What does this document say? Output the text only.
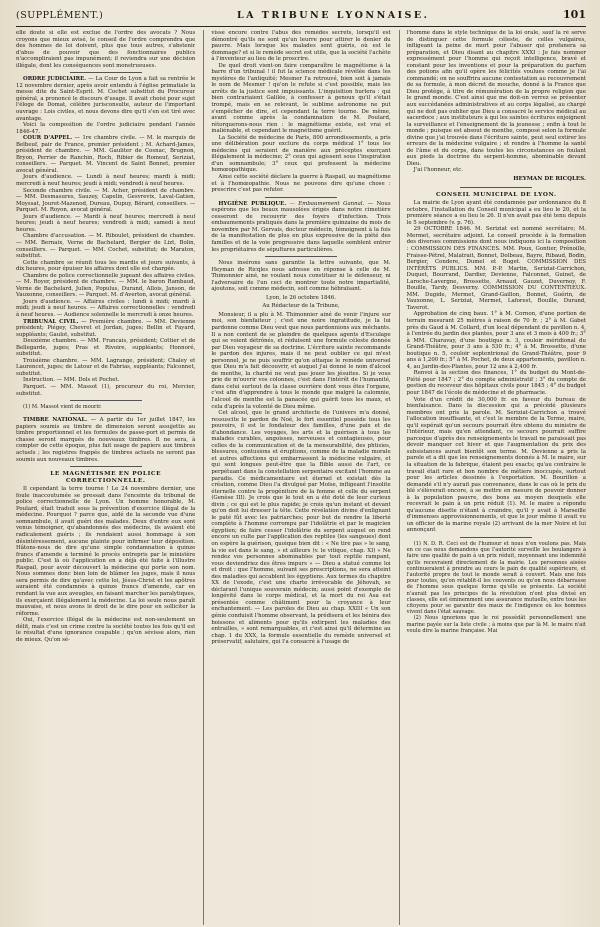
(SUPPLÉMENT.)	LA TRIBUNE LYONNAISE.	101

elle doute si elle est exclue de l'ordre des avocats ? Nous croyons que mieux avisé, le conseil de l'ordre comprendra que des hommes de loi doivent, plus que tous autres, s'abstenir d'abus de pouvoir que des fonctionnaires publics n'accompliraient pas impunément; il reviendra sur une décision illégale, dont les conséquences sont monstrueuses.

ORDRE JUDICIAIRE. — La Cour de Lyon a fait sa rentrée le 12 novembre dernier, après avoir entendu à l'église primatiale la messe dite du Saint-Esprit. M. Cochet substitut du Procureur général, a prononcé le discours d'usage. Il avait choisi pour sujet l'éloge de Domat, célèbre jurisconsulte, auteur de l'important ouvrage : Lois civiles, et nous devons dire qu'il s'en est tiré avec avantage.

Voici la composition de l'ordre judiciaire pendant l'année 1846-47.

COUR D'APPEL. — 1re chambre civile. — M. le marquis de Belbeuf, pair de France, premier président ; M. Achard-James, président de chambre. — MM. Gauliter de Cosnac, Brugnon, Bryon, Perrier de Ranchin, Roch, Ribier de Romeuf, Seriziat, conseillers. — Parquet. M. Vincent de Saint Bonnet, premier avocat général.

Jours d'audience. — Lundi à neuf heures; mardi à midi; mercredi à neuf heures; jeudi à midi; vendredi à neuf heures.

Seconde chambre civile. — M. Acher, président de chambre. — MM. Desmasures, Sauzey, Capelin, Gesvrevix, Laval-Gatien, Moyssat, Jouret-Mazenod, Dureau, Dupuy, Bérard, conseillers. — Parquet. M. Royon, avocat général.

Jours d'audience. — Mardi à neuf heures; mercredi à neuf heures; jeudi à neuf heures; vendredi à midi; samedi à neuf heures.

Chambre d'accusation. — M. Riboulet, président de chambre. — MM. Bernaix, Verne de Bachelard, Bergier de Lizt, Bolin, conseillers. — Parquet. — MM. Cochet, substitut; de Maraton, substitut.

Cette chambre se réunit tous les mardis et jours suivants, à dix heures, pour épuiser les affaires dont elle est chargée.

Chambre de police correctionnelle jugeant des affaires civiles. — M. Royer, président de chambre. — MM. le baron Rambaud, Verne de Bachelard, Julien, Populus, Durand, Allois, Janson, de Vauxonne, conseillers. — Parquet. M. d'Averton, avocat général.

Jours d'audience. — Affaires civiles : lundi à midi; mardi à midi; jeudi à neuf heures. — Affaires correctionnelles : vendredi à neuf heures. — Audience solennelle le mercredi à onze heures.

TRIBUNAL CIVIL. — Première chambre. — MM. Devienne président; Piégey, Chevret et Jordan, juges; Bellin et Fayard, suppléants; Gaulot, substitut.

Deuxième chambre. — MM. Francais, président; Cottier et de Bellegarde, juges; Pras et Rivoire, suppléants; Honnoré, substitut.

Troisième chambre. — MM. Lagrange, président; Chaley et Laurencet, juges; de Latour et de Fabrias, suppléants; Falconnet, substitut.

Instruction. — MM. Dols et Pochet.

Parquet. — MM. Massot (1), procureur du roi, Mercier, substitut.

(1) M. Massot vient de mourir.

TIMBRE NATIONAL. — A partir du 1er juillet 1847, les papiers soumis au timbre de dimension seront assujettis au timbre proportionnel et les formules de passe-port et permis de chasse seront marqués de nouveaux timbres. Il ne sera, à compter de cette époque, plus fait usage de papiers aux timbres actuels ; les registres frappés de timbres actuels ne seront pas soumis aux nouveaux timbres.

LE MAGNÉTISME EN POLICE CORRECTIONNELLE.

Il cependant la terre tourne ! Le 24 novembre dernier, une foule inaccoutumée se pressait dans l'enceinte du tribunal de police correctionnelle de Lyon. Un homme honorable, M. Poulard, était traduit sous la prévention d'exercice illégal de la médecine. Pourquoi ? parce que, aidé de la seconde vue d'une somnambule, il avait guéri des malades. Deux d'entre eux sont venus témoigner, qu'abandonnés des médecins, ils avaient été radicalement guéris ; ils rendaient aussi hommage à son désintéressement, aucune plainte pour infirmer leur déposition. Hâtons-nous de dire qu'une simple condamnation à quinze francs d'amende a terminé le procès entrepris par le ministère public. C'est là où l'application en a déjà été faite à l'illustre Raspail, pour avoir découvert la médecine qui porte son nom. Nous sommes donc bien loin de blâmer les juges, mais il nous sera permis de dire qu'avec cette loi, Jésus-Christ et les apôtres auraient été condamnés à quinze francs d'amende, car en rendant la vue aux aveugles, en faisant marcher les paralytiques, ils exerçaient illégalement la médecine. La loi seule nous paraît mauvaise, et nous avons le droit de le dire pour en solliciter la réforme.

Oui, l'exercice illégal de la médecine est non-seulement un délit, mais c'est un crime contre la société toutes les fois qu'il est le résultat d'une ignorance coupable ; qu'on sévisse alors, rien de mieux. Qu'on sé-

visse encore contre l'abus des remèdes secrets, lorsqu'il est démontré qu'ils ne sont qu'un leurre pour attirer le denier du pauvre. Mais lorsque les malades sont guéris, où est le dommage? et si le remède secret est utile, que la société l'achète à l'inventeur au lieu de le proscrire.

De quel droit vient-on faire comparaître le magnétisme à la barre d'un tribunal ! il fut la science médicale révélée dans les mystères de l'antiquité; Mesmer l'a retrouvé, bien soit à jamais le nom de Mesmer ! qu'on le refute si c'est possible, mais les arrêts de la justice sont impuissants. L'inquisition hurlera : qui bien contrariaient Galilée, à confesser à genoux qu'il s'était trompé, mais en se relevant, le sublime astronome ne put s'empêcher de dire, et cependant la terre tourne. De même, avant comme après la condamnation de M. Poulard, rétorquerons-nous rien : le magnétisme existe, est vrai et inaliénable, et cependant le magnétisme guérit.

La Société de médecine de Paris, 800 arrondissements, a pris une délibération pour exclure du corps médical 1° tous les médecins qui seraient de manière aux préceptes exerçant illégalement la médecine; 2° ceux qui agissent sous l'inspiration d'un somnambule; 3° ceux qui professent la médecine homœopathique.

Ainsi cette société déclare la guerre à Raspail, au magnétisme et à l'homœopathie. Nous ne pouvons dire qu'une chose : prescrire c'est pas refuter.

HYGIÈNE PUBLIQUE. — Embaumement Gannal. — Nous espérons que les beaux mausolées érigés dans notre cimetière cesseront de recouvrir des foyers d'infection. Trois embaumements pratiqués dans la première quinzaine du mois de novembre par M. Gervais, docteur médecin, témoignent à la fois de la manifestation de plus en plus expressive de la piété des familles et de la voie progressive dans laquelle semblent entrer les propriétaires de sépultures particulières.

Nous insérons sans garantie la lettre suivante, que M. Heyman de Ricqles nous adresse en réponse à celle de M. Thimonnier ainé, ne voulant nous constituer ni le défenseur, ni l'adversaire de l'un ceci de montrer toute notre impartialité, ajoutons, soit comme médecin, soit comme hébraïsant.

Lyon, le 26 octobre 1846.
Au Rédacteur de la Tribune,

Monsieur, il a plu à M. Thimonnier ainé de venir l'injure sur moi, son bienfaiteur ; c'est une noire ingratitude, je la lui pardonne comme Dieu veut que nous pardonnions aux méchants. Il a non content de se plaindre de quelques agents d'Esculape qui se voient détrônés, et réduisent une formule céleste donnée par Dieu voyageur de sa doctrine. L'écriture sainte recommande le pardon des injures, mais il ne peut oublier ce qui m'est personnel, je ne puis souffrir qu'on attaque le remède universel que Dieu m'a fait découvrir, et auquel j'ai donné le nom d'alcool de menthe, la charité ne veut pas jouer les jésuites. Si je vous prie de m'ouvrir vos colonnes, c'est dans l'intérêt de l'humanité, dans celui surtout de la classe ouvrière dont vous êtes l'organe, c'est afin d'apprendre à tous le monde que malgré la calomnie, l'alcool de menthe est la panacée qui guérit tous les maux, et cela d'après la volonté de Dieu même.

Cet alcool, que le grand architecte de l'univers m'a donné, ressuscite le pardon de Noé, le fort essentiel possède tous les pouvoirs, il est le fondateur des familles, d'une paix et de d'abondance. Les voyages, les arts et la guérison à tous les malades curables, angoisses, nerveuses et contagieuses, pour celles de la communication et de la mensurabilité, des phtisies, blessures, contusions et éruptions, comme de la maladie morale et autres affections qui embarrassent la médecine vulgaire, et qui sont longues peut-être que la Bible aussi de l'art, ce perpétuant dans la constellation serpentaire excitant l'homme au paradis. Ce médicamentaire est éternel et existait dès la création, comme Dieu l'a divulgué par Moïse, infligeant l'insolite éternelle contre la progéniture de la femme et celle du serpent (Genèse III). Je crois que le tout en a été doté de leur curieux divin ; ce qui est le plus rapide; je crois qu'un instant et devant qu'on doit lui dresser la tête. Cette révélation divine d'enlignant le paté fût avec les patriarches; pour but de rendre la liberté complète à l'homme corrompu par l'idolâtrie et par le magicien égyptien; de faire cesser l'idolâtrie du serpent auquel on rend encore un culte par l'application des reptiles (les sangsues) dont on espère la guérison, quoique bien dit : « Ne tire pas » le sang, la vie est dans le sang, » et ailleurs (v. le vitique, chap. XI) « Ne rendez vos personnes abominables par tout reptile rampant, vous deviendriez des êtres impurs » — Dieu a statué comme loi et droit : que l'homme, suivant ses prescriptions, ne sera atteint des maladies qui accablent les égyptiens. Aux termes du chapitre XX de l'exode, c'est une charte irrévocable de Jéhovah, se déclarant l'unique souverain médecin; aussi point d'exemple de longévité dans le corps médical, et la mort du roi Asa est présentée comme châtiment pour la croyance à leur enchantement. — Les paroles de Dieu au chap. XXIII « Un son génie conduisit l'homme observant, la prédisera et les bénira des boissons et aliments pour qu'ils extirpent les maladies des entrailles, » sont remarquables, et c'est ainsi qu'il détermine au chap. 1 du XXX, la formule essentielle du remède universel et préservatif, salutaire, qui l'a consacré à l'usage de

l'homme dans le style technique de la loi orale, sauf la ré serve de distinguer cette formule céleste, de celles vulgaires, infligeant la peine de mort pour l'abuser qui profanera sa préparation, et Dieu disant au chapitre XXXI : Je fais nommer expressément pour l'homme qui reçoit intelligence, bravé et constant pour les inventions et pour la préparation du parfum des potions afin qu'il opère les félicités voulues comme je l'ai commandé; on ne souffrira aucune contestation au recouvrement de sa formule, à mon décret de mouche, donné à la France que Dieu protège, à titre de rémunération de la propre religion que le grand monde. C'est ainsi que me doit-on verrez se présenter aux succédanées administratives et au corps légalisé, au chargé qui ne doit pas oublier que Dieu a consacré le service médical au sacerdoce ; aux instituteurs à qui les saintes écritures enjoignent la surveillance et l'enseignement de la jeunesse ; enfin à tout le monde ; puisque est absout de menthe, composé selon la formule divine que j'ai trouvée dans l'écriture sainte, peut seul extirer les erreurs de la médecine vulgaire ; et rendre à l'homme la santé de l'âme et du corps, dans toutes les circonstances on foulant aux pieds la doctrine du serpent-homme, abominable devant Dieu.

J'ai l'honneur, etc.

HEYMAN DE RICQLES.
CONSEIL MUNICIPAL DE LYON.

La mairie de Lyon ayant été condamnée par ordonnance du 8 octobre, l'installation du Conseil municipal a eu lieu le 20, et la première séance a eu lieu le 26. Il n'en avait pas été tenu depuis le 5 septembre (v. p. 76).

29 OCTOBRE 1846. M. Seriziat est nommé secrétaire; M. Mermet, secrétaire adjoint. Le conseil procède à la formation des diverses commissions dont nous indiquons ici la composition : COMMISSION DES FINANCES. MM. Poux, Gontier, Prénoille, Fraisse-Pétrel, Malatrait, Bonnet, Dolbeau, Bayre, Ribaud, Bodin, Bergier, Condere, Dumel et Buget. COMMISSION DES INTÉRÊTS PUBLICS. MM. P.-P. Martin, Seriziat-Carrichon, Duquet, Bourrand, Dardier, Devienne, Falconnet, Guinet, de Laroche-Lavergne, Brossette, Arnaud, Gauzet, Duvernoy, F. Bouille, Tardy, Desverny. COMMISSION DU CONTENTIEUX. MM. Dugide, Mermet, Grand-Gaillon, Bonnet, Guérin, de Vauxonne, L. Seriziat, Mermet, Laforest, Bouille, Durand, Taverot.

Approbation de cinq baux. 1° à M. Cornon, d'une portion de terrain mesurant 25 mètres à raison de 70 fr. ; 2° à M. Gabet près du Gaud à M. Collard, d'un local dépendant du pavillon n. 4, à l'entrée du jardin des plantes, pour 3 ans et 3 mois à 400 fr.; 3° à MM. Charavay, d'une boutique n. 3, couloir méridional du Grand-Théâtre, pour 3 ans à 530 fr.; 4° à M. Brossette, d'une boutique n. 5, couloir septentrional du Grand-Théâtre, pour 9 ans à 1,200 fr.; 5° à M. Pochet, de deux appartements, pavillon n. 4, au Jardin-des-Plantes, pour 12 ans à 2,400 fr.

Renvoi à la section des finances, 1° du budget du Mont-de-Piété pour 1847 ; 2° du compte administratif ; 3° du compte de gestion du receveur des hôpitaux civils pour 1845 ; 4° du budget pour 1847 de l'école de médecine et de pharmacie.

Vote d'un crédit de 30,000 fr. en faveur du bureau de bienfaisance. Dans la discussion qui a précédé plusieurs membres ont pris la parole. M. Seriziat-Carrichon a trouvé l'allocation insuffisante, et c'est le membre de la Terme, maire, qu'il espérait qu'un secours pourrait être obtenu du ministre de l'intérieur, mais qu'en attendant, ce secours pourrait suffire parceque d'après des renseignements le travail ne paraissait pas devoir manquer cet hiver et que l'augmentation du prix des subsistances aurait bientôt son terme. M. Devienne a pris la parole et a dit que les renseignements donnés à M. le maire, sur la situation de la fabrique, étaient peu exacts; qu'au contraire le travail était rare et bon nombre de métiers inoccupés, surtout pour les articles dessinés à l'exportation. M. Bourillon a demandé s'il n'y aurait pas convenance, dans le cas où le prix du blé s'élèverait encore, à se mettre en mesure de pouvoir donner à la population pauvre, des bons au moyen desquels elle recevrait le pain à un prix réduit (1). M. le maire a répondu qu'aucune disette n'étant à craindre, qu'il y avait à Marseille d'immenses approvisionnements, et que le jour même il avait vu un officier de la marine royale (2) arrivant de la mer Noire et lui annonçant

(1) N. D. R. Ceci est de l'humour et nous n'en voulons pas. Mais en ce cas nous demandons que l'autorité surveille les boulangers à faire une qualité de pain à un prix réduit, moyennant une indemnité qu'ils recevraient directement de la mairie. Les personnes aisées continueraient à prendre au cours le pain de qualité supérieure, et l'autorité propre de tout le monde serait à couvert. Mais une fois pour toutes, qu'on rétablit-il les couvents ou qu'on nous débarrasse de l'homme sous quelque forme qu'elle se présente. La société n'aurait pas les principes de la révolution n'ont plus divisé en classes, elle est éminemment une assurance mutuelle, entre tous les citoyens pour se garantir des maux de l'indigence où les hommes vivent dans l'état sauvage.

(2) Nous ignorions que le roi possédât personnellement une marine payée sur la liste civile ; à moins que par là M. le maire n'ait voulu dire la marine française. Mai
